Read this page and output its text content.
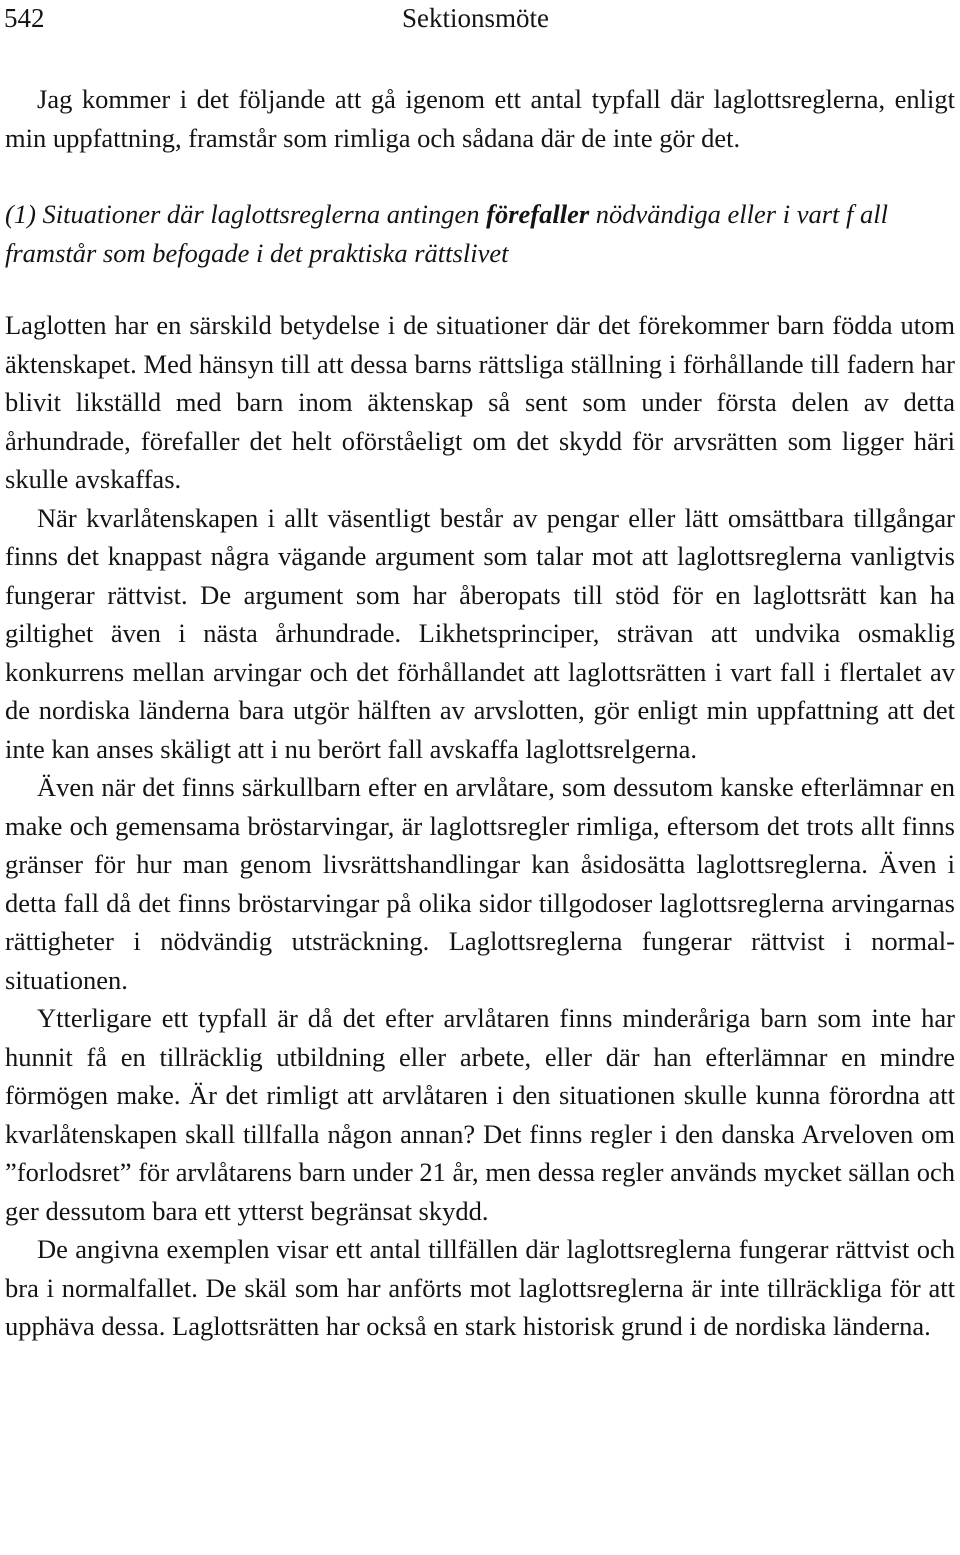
542	Sektionsmöte

Jag kommer i det följande att gå igenom ett antal typfall där laglottsreglerna, enligt min uppfattning, framstår som rimliga och sådana där de inte gör det.

(1) Situationer där laglottsreglerna antingen förefaller nödvändiga eller i vart f all framstår som befogade i det praktiska rättslivet

Laglotten har en särskild betydelse i de situationer där det förekommer barn födda utom äktenskapet. Med hänsyn till att dessa barns rättsliga ställning i förhållande till fadern har blivit likställd med barn inom äktenskap så sent som under första delen av detta århundrade, förefaller det helt oförståeligt om det skydd för arvsrätten som ligger häri skulle avskaffas.

När kvarlåtenskapen i allt väsentligt består av pengar eller lätt omsättbara tillgångar finns det knappast några vägande argument som talar mot att laglottsreglerna vanligtvis fungerar rättvist. De argument som har åberopats till stöd för en laglottsrätt kan ha giltighet även i nästa århundrade. Likhetsprinciper, strävan att undvika osmaklig konkurrens mellan arvingar och det förhållandet att laglottsrätten i vart fall i flertalet av de nordiska länderna bara utgör hälften av arvslotten, gör enligt min uppfattning att det inte kan anses skäligt att i nu berört fall avskaffa laglottsrelgerna.

Även när det finns särkullbarn efter en arvlåtare, som dessutom kanske efterlämnar en make och gemensama bröstarvingar, är laglottsregler rimliga, eftersom det trots allt finns gränser för hur man genom livsrättshandlingar kan åsidosätta laglottsreglerna. Även i detta fall då det finns bröstarvingar på olika sidor tillgodoser laglottsreglerna arvingarnas rättigheter i nödvändig utsträckning. Laglottsreglerna fungerar rättvist i normalsituationen.

Ytterligare ett typfall är då det efter arvlåtaren finns minderåriga barn som inte har hunnit få en tillräcklig utbildning eller arbete, eller där han efterlämnar en mindre förmögen make. Är det rimligt att arvlåtaren i den situationen skulle kunna förordna att kvarlåtenskapen skall tillfalla någon annan? Det finns regler i den danska Arveloven om ”forlodsret” för arvlåtarens barn under 21 år, men dessa regler används mycket sällan och ger dessutom bara ett ytterst begränsat skydd.

De angivna exemplen visar ett antal tillfällen där laglottsreglerna fungerar rättvist och bra i normalfallet. De skäl som har anförts mot laglottsreglerna är inte tillräckliga för att upphäva dessa. Laglottsrätten har också en stark historisk grund i de nordiska länderna.
